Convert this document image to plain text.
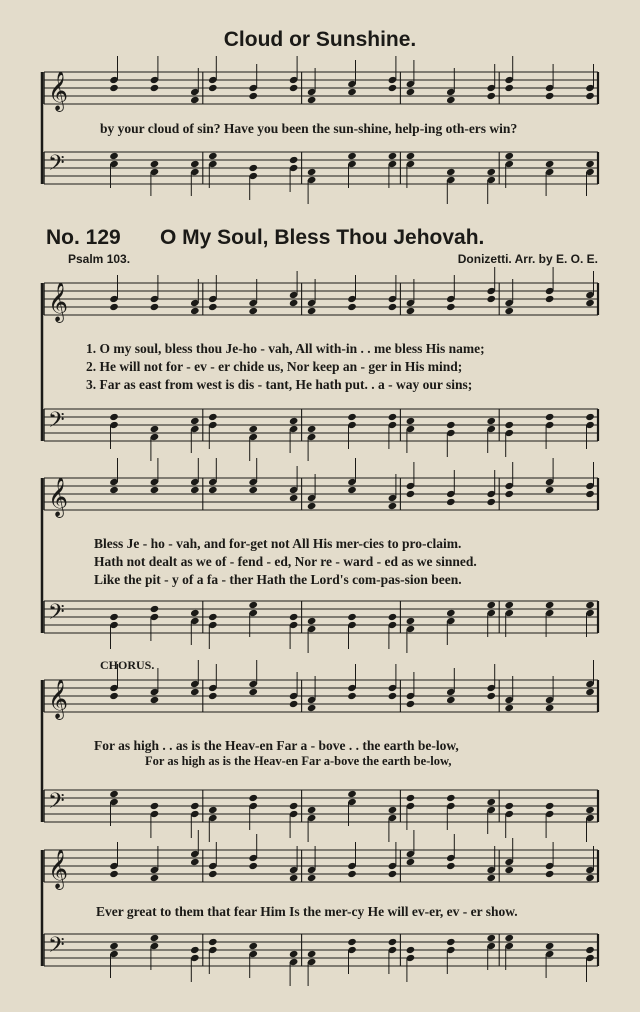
Cloud or Sunshine.
by your cloud of sin? Have you been the sun-shine, help-ing oth-ers win?
No. 129 O My Soul, Bless Thou Jehovah.
Psalm 103.	Donizetti. Arr. by E. O. E.
1. O my soul, bless thou Je-ho - vah, All with-in . . me bless His name;
2. He will not for - ev - er chide us, Nor keep an - ger in His mind;
3. Far as east from west is dis - tant, He hath put. . a - way our sins;
Bless Je - ho - vah, and for-get not All His mer-cies to pro-claim.
Hath not dealt as we of - fend - ed, Nor re - ward - ed as we sinned.
Like the pit - y of a fa - ther Hath the Lord's com-pas-sion been.
CHORUS.
For as high . . as is the Heav-en Far a - bove . . the earth be-low,
For as high as is the Heav-en Far a-bove the earth be-low,
Ever great to them that fear Him Is the mer-cy He will ev-er, ev - er show.
𝄞
𝄢
𝄞
𝄢
𝄞
𝄢
𝄞
𝄢
𝄞
𝄢
